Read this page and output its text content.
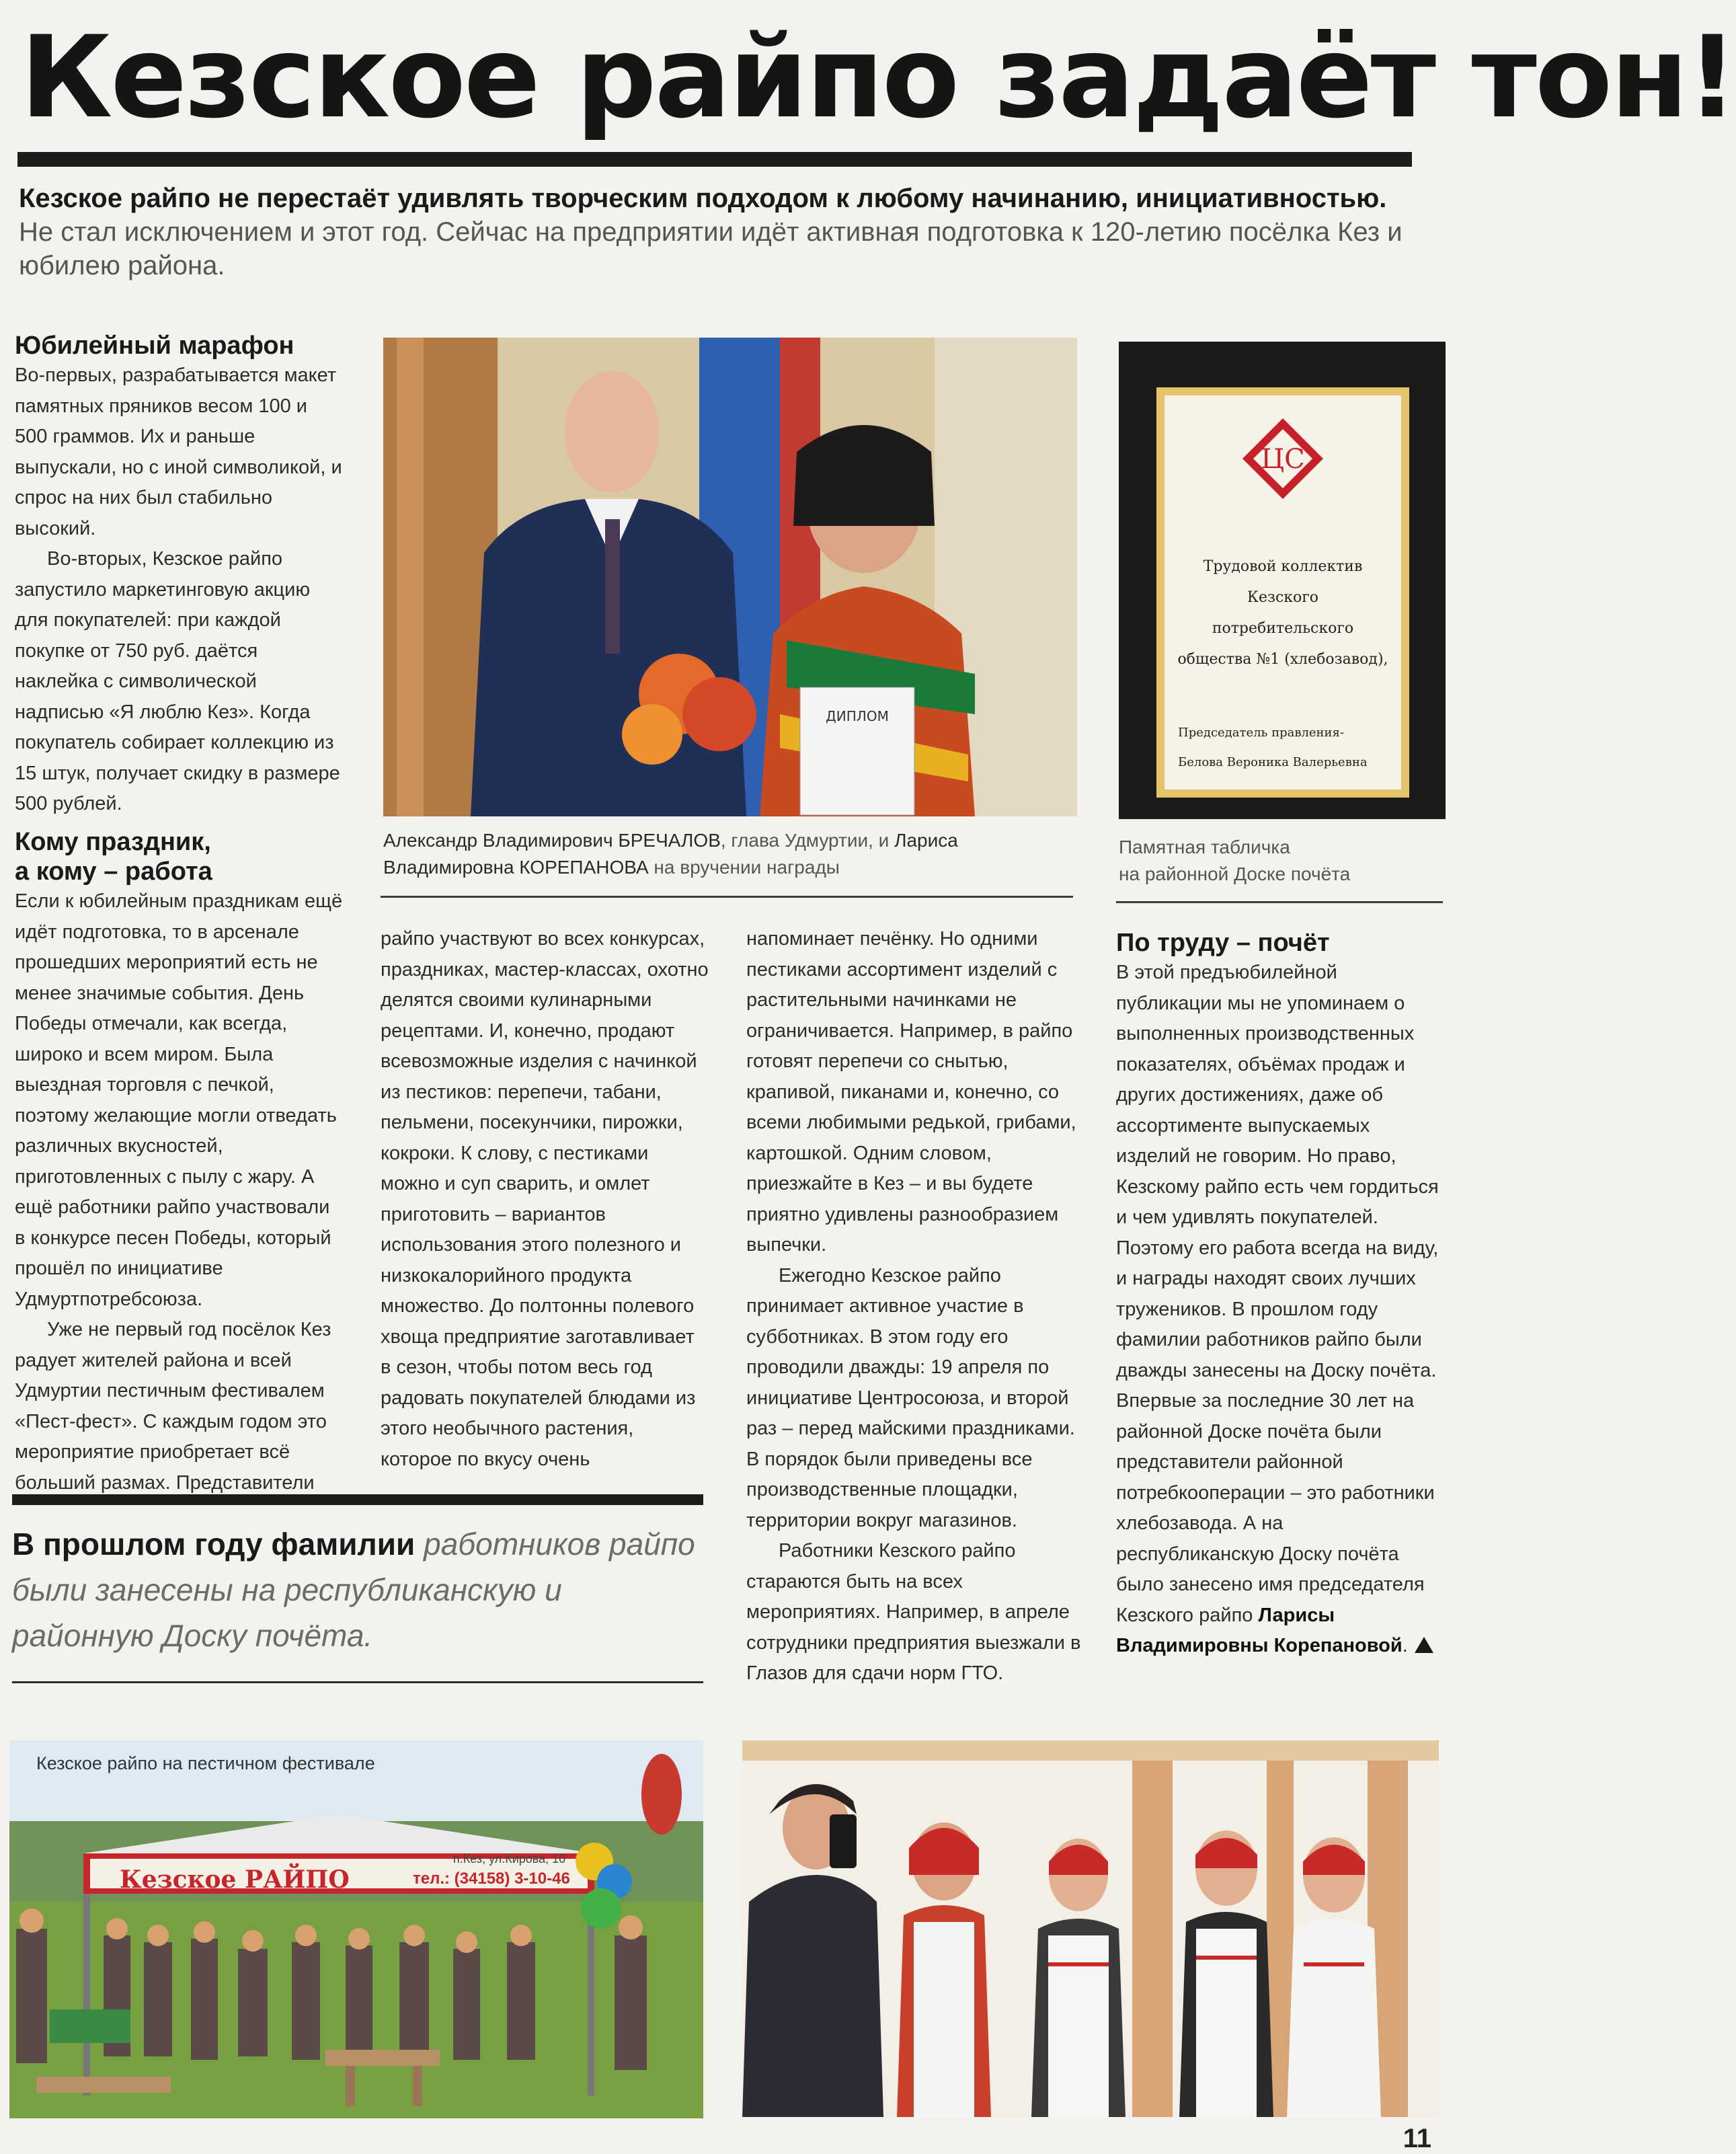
Кезское райпо задаёт тон!
Кезское райпо не перестаёт удивлять творческим подходом к любому начинанию, инициативностью.
Не стал исключением и этот год. Сейчас на предприятии идёт активная подготовка к 120-летию посёлка Кез и юбилею района.
Юбилейный марафон

Во-первых, разрабатывается макет памятных пряников весом 100 и 500 граммов. Их и раньше выпускали, но с иной символикой, и спрос на них был стабильно высокий.

Во-вторых, Кезское райпо запустило маркетинговую акцию для покупателей: при каждой покупке от 750 руб. даётся наклейка с символической надписью «Я люблю Кез». Когда покупатель собирает коллекцию из 15 штук, получает скидку в размере 500 рублей.

Кому праздник,
а кому – работа

Если к юбилейным праздникам ещё идёт подготовка, то в арсенале прошедших мероприятий есть не менее значимые события. День Победы отмечали, как всегда, широко и всем миром. Была выездная торговля с печкой, поэтому желающие могли отведать различных вкусностей, приготовленных с пылу с жару. А ещё работники райпо участвовали в конкурсе песен Победы, который прошёл по инициативе Удмуртпотребсоюза.

Уже не первый год посёлок Кез радует жителей района и всей Удмуртии пестичным фестивалем «Пест-фест». С каждым годом это мероприятие приобретает всё больший размах. Представители

ДИПЛОМ
Александр Владимирович БРЕЧАЛОВ, глава Удмуртии, и Лариса Владимировна КОРЕПАНОВА на вручении награды
ЦС
Трудовой коллектив
Кезского
потребительского
общества №1 (хлебозавод),
Председатель правления-
Белова Вероника Валерьевна
Памятная табличка
на районной Доске почёта

райпо участвуют во всех конкурсах, праздниках, мастер-классах, охотно делятся своими кулинарными рецептами. И, конечно, продают всевозможные изделия с начинкой из пестиков: перепечи, табани, пельмени, посекунчики, пирожки, кокроки. К слову, с пестиками можно и суп сварить, и омлет приготовить – вариантов использования этого полезного и низкокалорийного продукта множество. До полтонны полевого хвоща предприятие заготавливает в сезон, чтобы потом весь год радовать покупателей блюдами из этого необычного растения, которое по вкусу очень

напоминает печёнку. Но одними пестиками ассортимент изделий с растительными начинками не ограничивается. Например, в райпо готовят перепечи со снытью, крапивой, пиканами и, конечно, со всеми любимыми редькой, грибами, картошкой. Одним словом, приезжайте в Кез – и вы будете приятно удивлены разнообразием выпечки.

Ежегодно Кезское райпо принимает активное участие в субботниках. В этом году его проводили дважды: 19 апреля по инициативе Центросоюза, и второй раз – перед майскими праздниками. В порядок были приведены все производственные площадки, территории вокруг магазинов.

Работники Кезского райпо стараются быть на всех мероприятиях. Например, в апреле сотрудники предприятия выезжали в Глазов для сдачи норм ГТО.

По труду – почёт

В этой предъюбилейной публикации мы не упоминаем о выполненных производственных показателях, объёмах продаж и других достижениях, даже об ассортименте выпускаемых изделий не говорим. Но право, Кезскому райпо есть чем гордиться и чем удивлять покупателей. Поэтому его работа всегда на виду, и награды находят своих лучших тружеников. В прошлом году фамилии работников райпо были дважды занесены на Доску почёта. Впервые за последние 30 лет на районной Доске почёта были представители районной потребкооперации – это работники хлебозавода. А на республиканскую Доску почёта было занесено имя председателя Кезского райпо Ларисы Владимировны Корепановой.

В прошлом году фамилии работников райпо были занесены на республиканскую и районную Доску почёта.
Кезское райпо на пестичном фестивале
Кезское РАЙПО
п.Кез, ул.Кирова, 10
тел.: (34158) 3-10-46
11
